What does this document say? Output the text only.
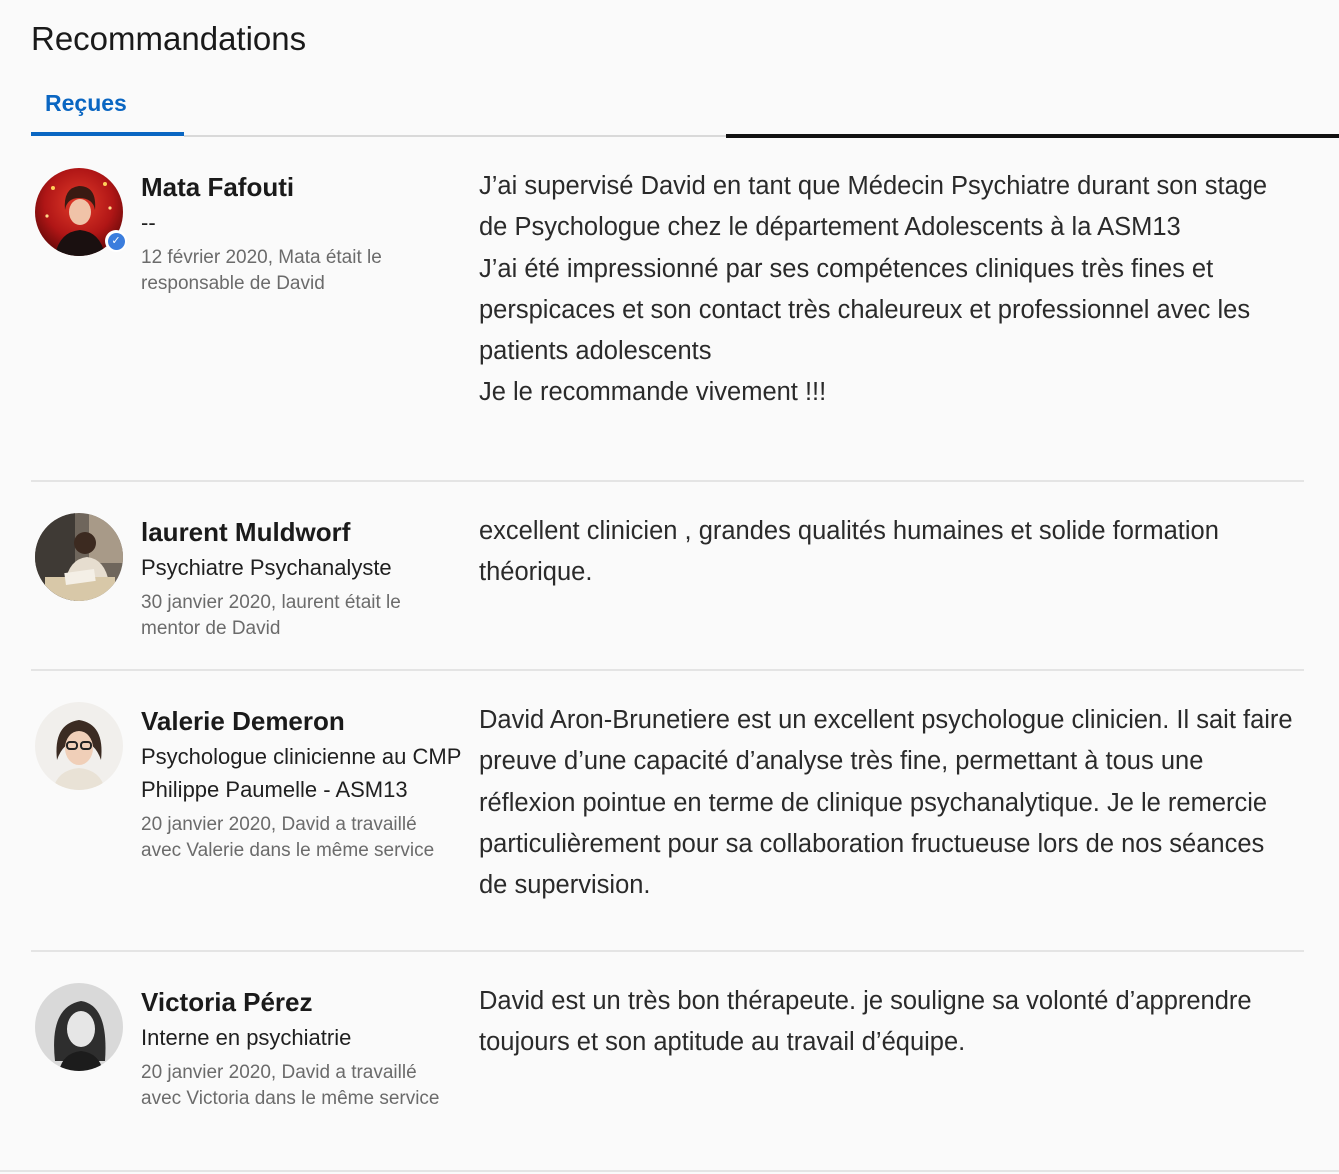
Recommandations
Reçues
✓
Mata Fafouti
--
12 février 2020, Mata était le responsable de David
J’ai supervisé David en tant que Médecin Psychiatre durant son stage de Psychologue chez le département Adolescents à la ASM13
J’ai été impressionné par ses compétences cliniques très fines et perspicaces et son contact très chaleureux et professionnel avec les patients adolescents
Je le recommande vivement !!!
laurent Muldworf
Psychiatre Psychanalyste
30 janvier 2020, laurent était le mentor de David
excellent clinicien , grandes qualités humaines et solide formation théorique.
Valerie Demeron
Psychologue clinicienne au CMP Philippe Paumelle - ASM13
20 janvier 2020, David a travaillé avec Valerie dans le même service
David Aron-Brunetiere est un excellent psychologue clinicien. Il sait faire preuve d’une capacité d’analyse très fine, permettant à tous une réflexion pointue en terme de clinique psychanalytique. Je le remercie particulièrement pour sa collaboration fructueuse lors de nos séances de supervision.
Victoria Pérez
Interne en psychiatrie
20 janvier 2020, David a travaillé avec Victoria dans le même service
David est un très bon thérapeute. je souligne sa volonté d’apprendre toujours et son aptitude au travail d’équipe.
